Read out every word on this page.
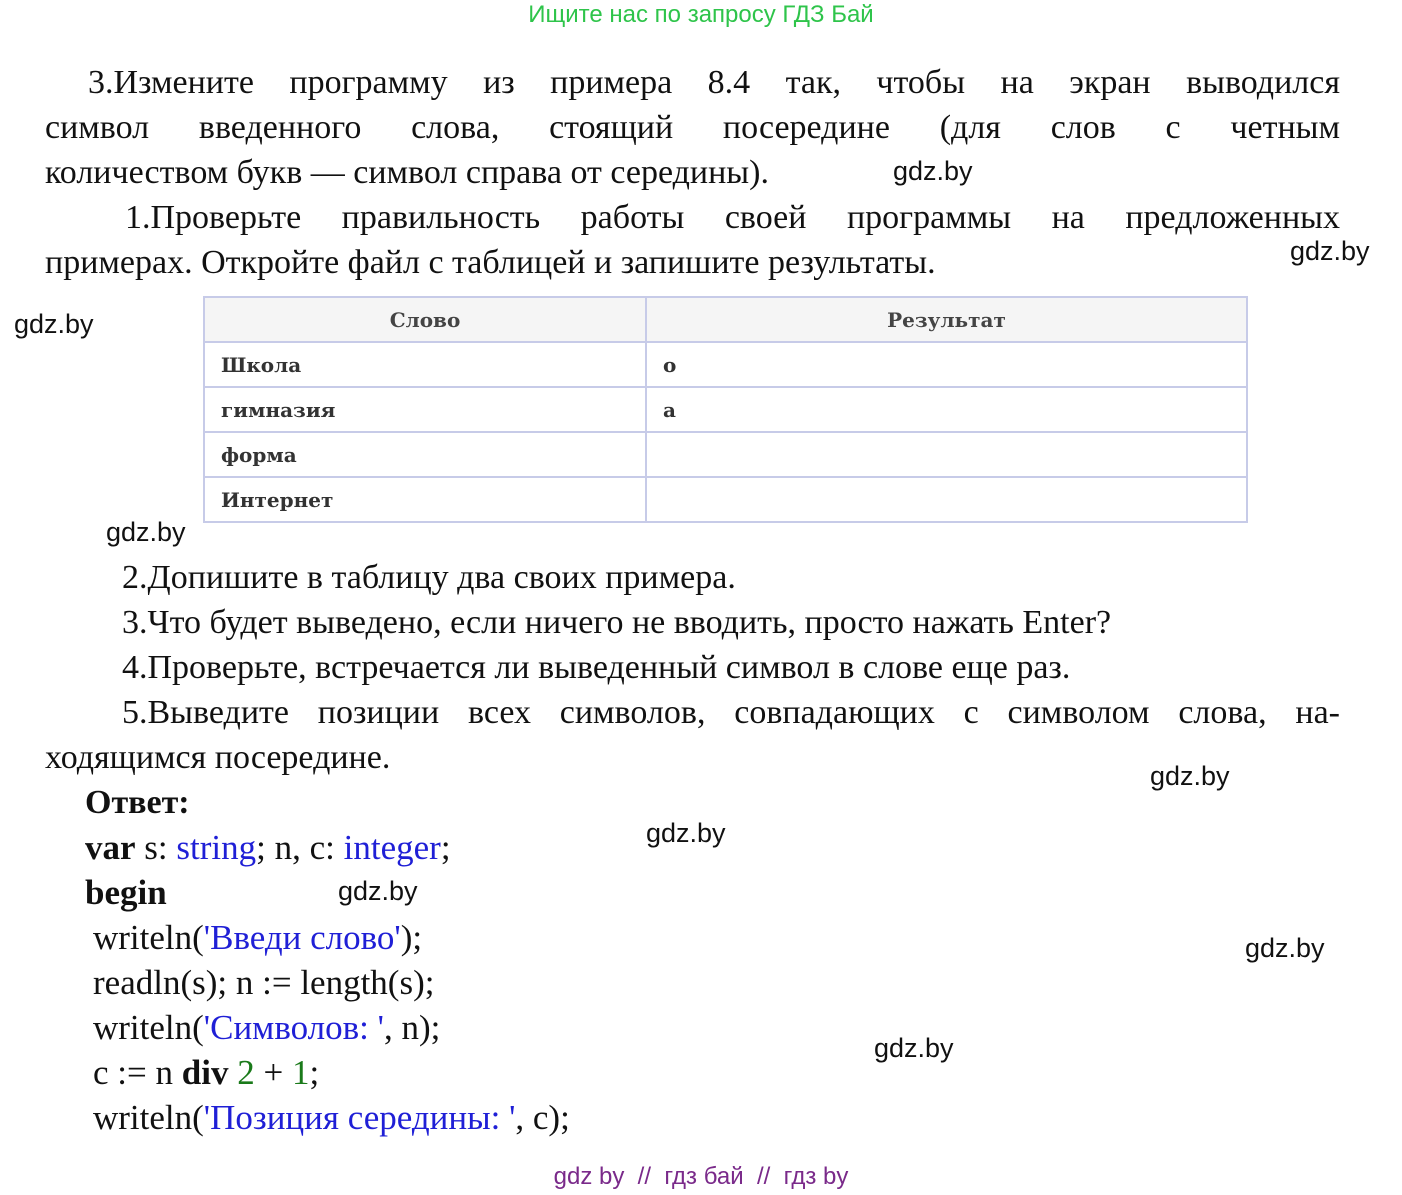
Ищите нас по запросу ГДЗ Бай
3.Измените программу из примера 8.4 так, чтобы на экран выводился
символ введенного слова, стоящий посередине (для слов с четным
количеством букв — символ справа от середины).	gdz.by
1.Проверьте правильность работы своей программы на предложенных
примерах. Откройте файл с таблицей и запишите результаты.	gdz.by
gdz.by	Слово	Результат
Школа	о
гимназия	а
форма	
Интернет	
gdz.by
2.Допишите в таблицу два своих примера.
3.Что будет выведено, если ничего не вводить, просто нажать Enter?
4.Проверьте, встречается ли выведенный символ в слове еще раз.
5.Выведите позиции всех символов, совпадающих с символом слова, на-
ходящимся посередине.	gdz.by
Ответ:
gdz.by
var s: string; n, c: integer;
begin	gdz.by
writeln('Введи слово');	gdz.by
readln(s); n := length(s);
writeln('Символов: ', n);
gdz.by
c := n div 2 + 1;
writeln('Позиция середины: ', c);
gdz by  //  гдз бай  //  гдз by
